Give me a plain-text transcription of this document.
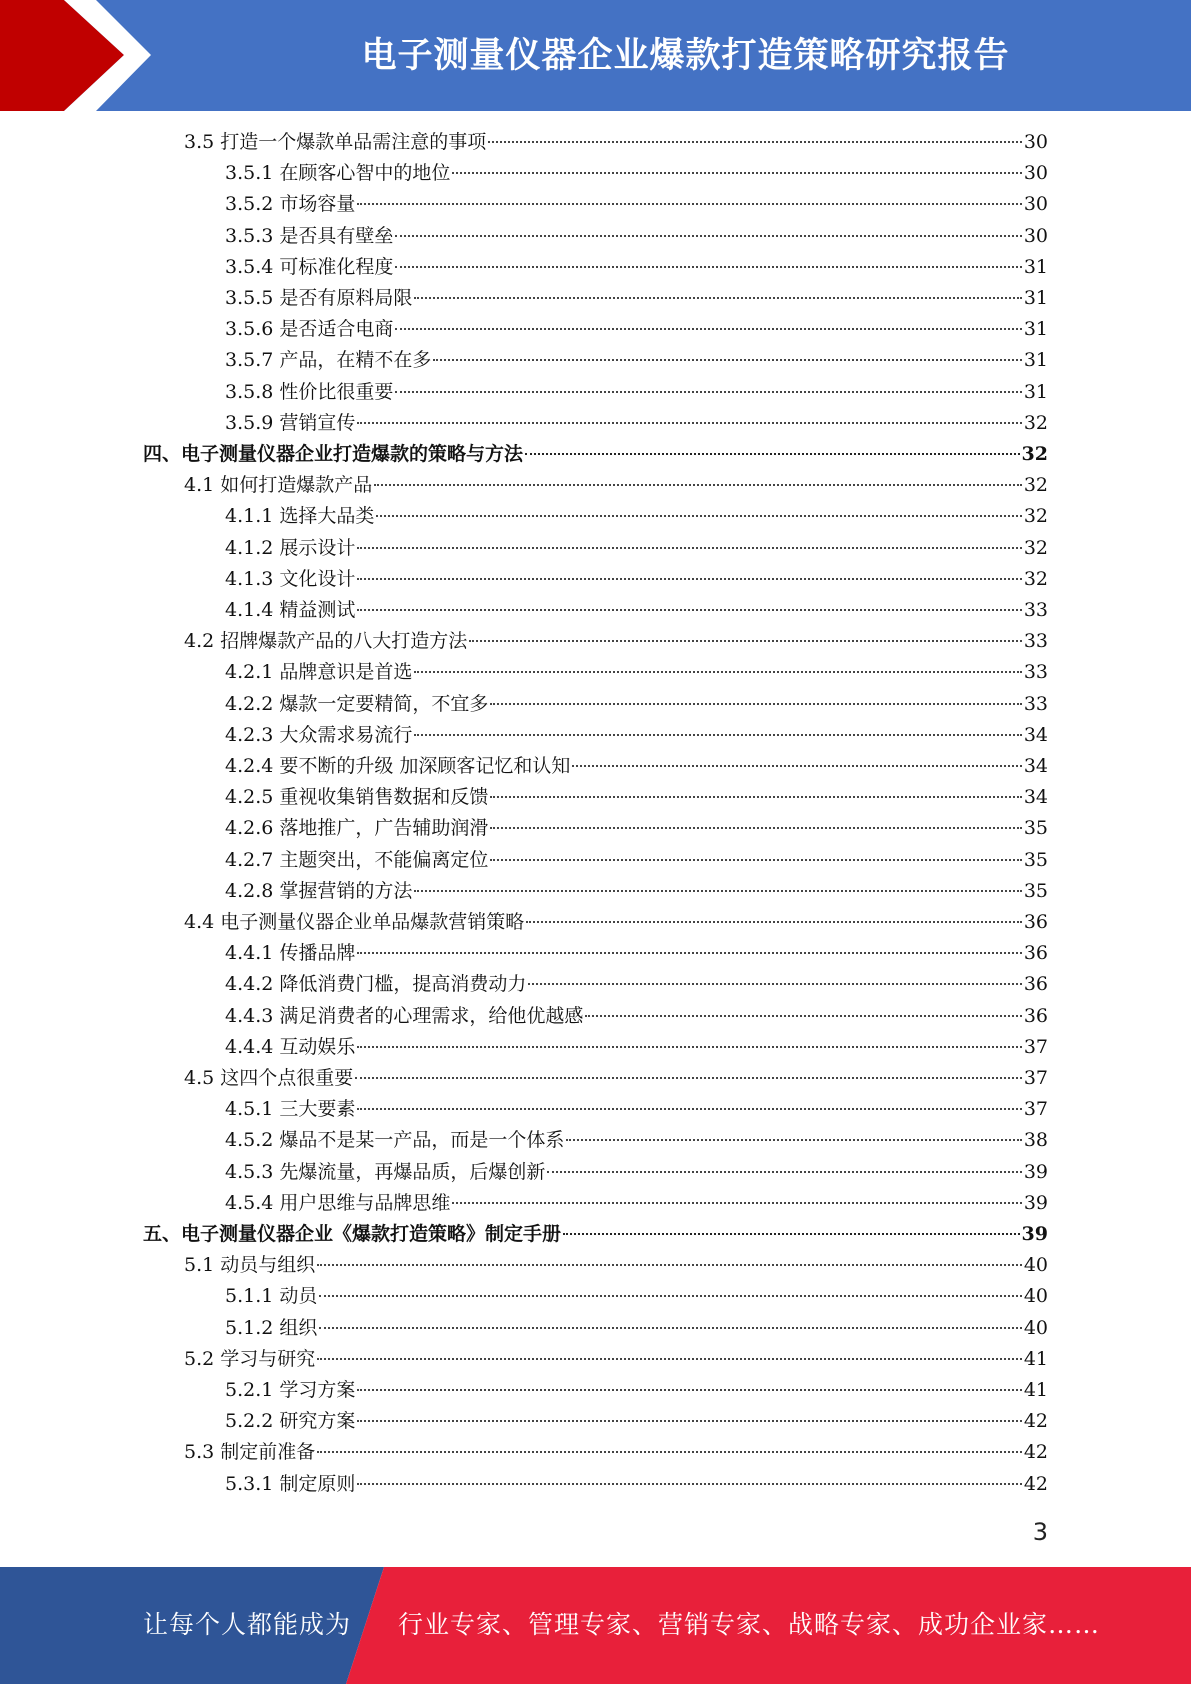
电子测量仪器企业爆款打造策略研究报告
3.5 打造一个爆款单品需注意的事项	30
3.5.1 在顾客心智中的地位	30
3.5.2 市场容量	30
3.5.3 是否具有壁垒	30
3.5.4 可标准化程度	31
3.5.5 是否有原料局限	31
3.5.6 是否适合电商	31
3.5.7 产品，在精不在多	31
3.5.8 性价比很重要	31
3.5.9 营销宣传	32
四、电子测量仪器企业打造爆款的策略与方法	32
4.1 如何打造爆款产品	32
4.1.1 选择大品类	32
4.1.2 展示设计	32
4.1.3 文化设计	32
4.1.4 精益测试	33
4.2 招牌爆款产品的八大打造方法	33
4.2.1 品牌意识是首选	33
4.2.2 爆款一定要精简，不宜多	33
4.2.3 大众需求易流行	34
4.2.4 要不断的升级 加深顾客记忆和认知	34
4.2.5 重视收集销售数据和反馈	34
4.2.6 落地推广，广告辅助润滑	35
4.2.7 主题突出，不能偏离定位	35
4.2.8 掌握营销的方法	35
4.4 电子测量仪器企业单品爆款营销策略	36
4.4.1 传播品牌	36
4.4.2 降低消费门槛，提高消费动力	36
4.4.3 满足消费者的心理需求，给他优越感	36
4.4.4 互动娱乐	37
4.5 这四个点很重要	37
4.5.1 三大要素	37
4.5.2 爆品不是某一产品，而是一个体系	38
4.5.3 先爆流量，再爆品质，后爆创新	39
4.5.4 用户思维与品牌思维	39
五、电子测量仪器企业《爆款打造策略》制定手册	39
5.1 动员与组织	40
5.1.1 动员	40
5.1.2 组织	40
5.2 学习与研究	41
5.2.1 学习方案	41
5.2.2 研究方案	42
5.3 制定前准备	42
5.3.1 制定原则	42
3
让每个人都能成为 行业专家、管理专家、营销专家、战略专家、成功企业家……
